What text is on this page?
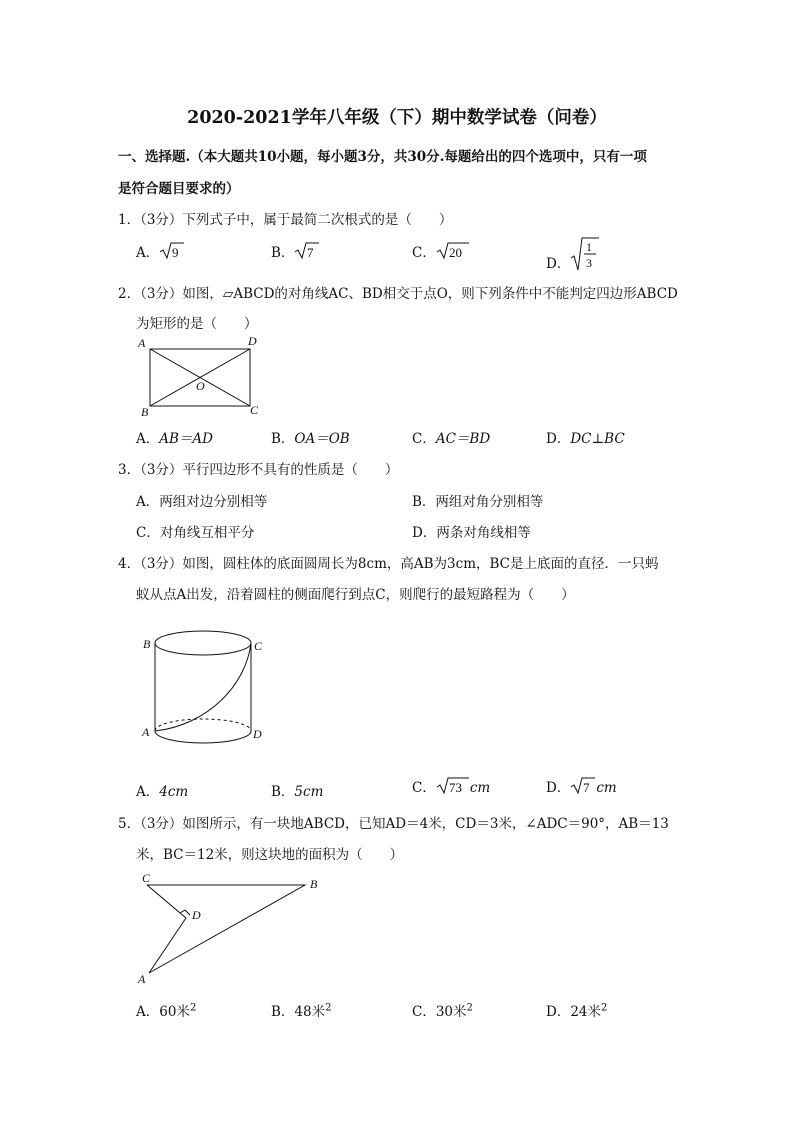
2020-2021学年八年级（下）期中数学试卷（问卷）
一、选择题.（本大题共10小题，每小题3分，共30分.每题给出的四个选项中，只有一项
是符合题目要求的）
1．（3分）下列式子中，属于最简二次根式的是（　　）
A． 9	B． 7	C． 20
D．
1
3
2．（3分）如图，▱ABCD的对角线AC、BD相交于点O，则下列条件中不能判定四边形ABCD
为矩形的是（　　）
A	D
O
B	C
A．AB＝AD	B．OA＝OB	C．AC＝BD	D．DC⊥BC
3．（3分）平行四边形不具有的性质是（　　）
A．两组对边分别相等	B．两组对角分别相等
C．对角线互相平分	D．两条对角线相等
4．（3分）如图，圆柱体的底面圆周长为8cm，高AB为3cm，BC是上底面的直径．一只蚂
蚁从点A出发，沿着圆柱的侧面爬行到点C，则爬行的最短路程为（　　）
B	C
A	D
A．4cm	B．5cm	C． 73 cm	D． 7 cm
5．（3分）如图所示，有一块地ABCD，已知AD＝4米，CD＝3米，∠ADC＝90°，AB＝13
米，BC＝12米，则这块地的面积为（　　）
C	B
D
A
A．60米$^2$	B．48米$^2$	C．30米$^2$	D．24米$^2$
